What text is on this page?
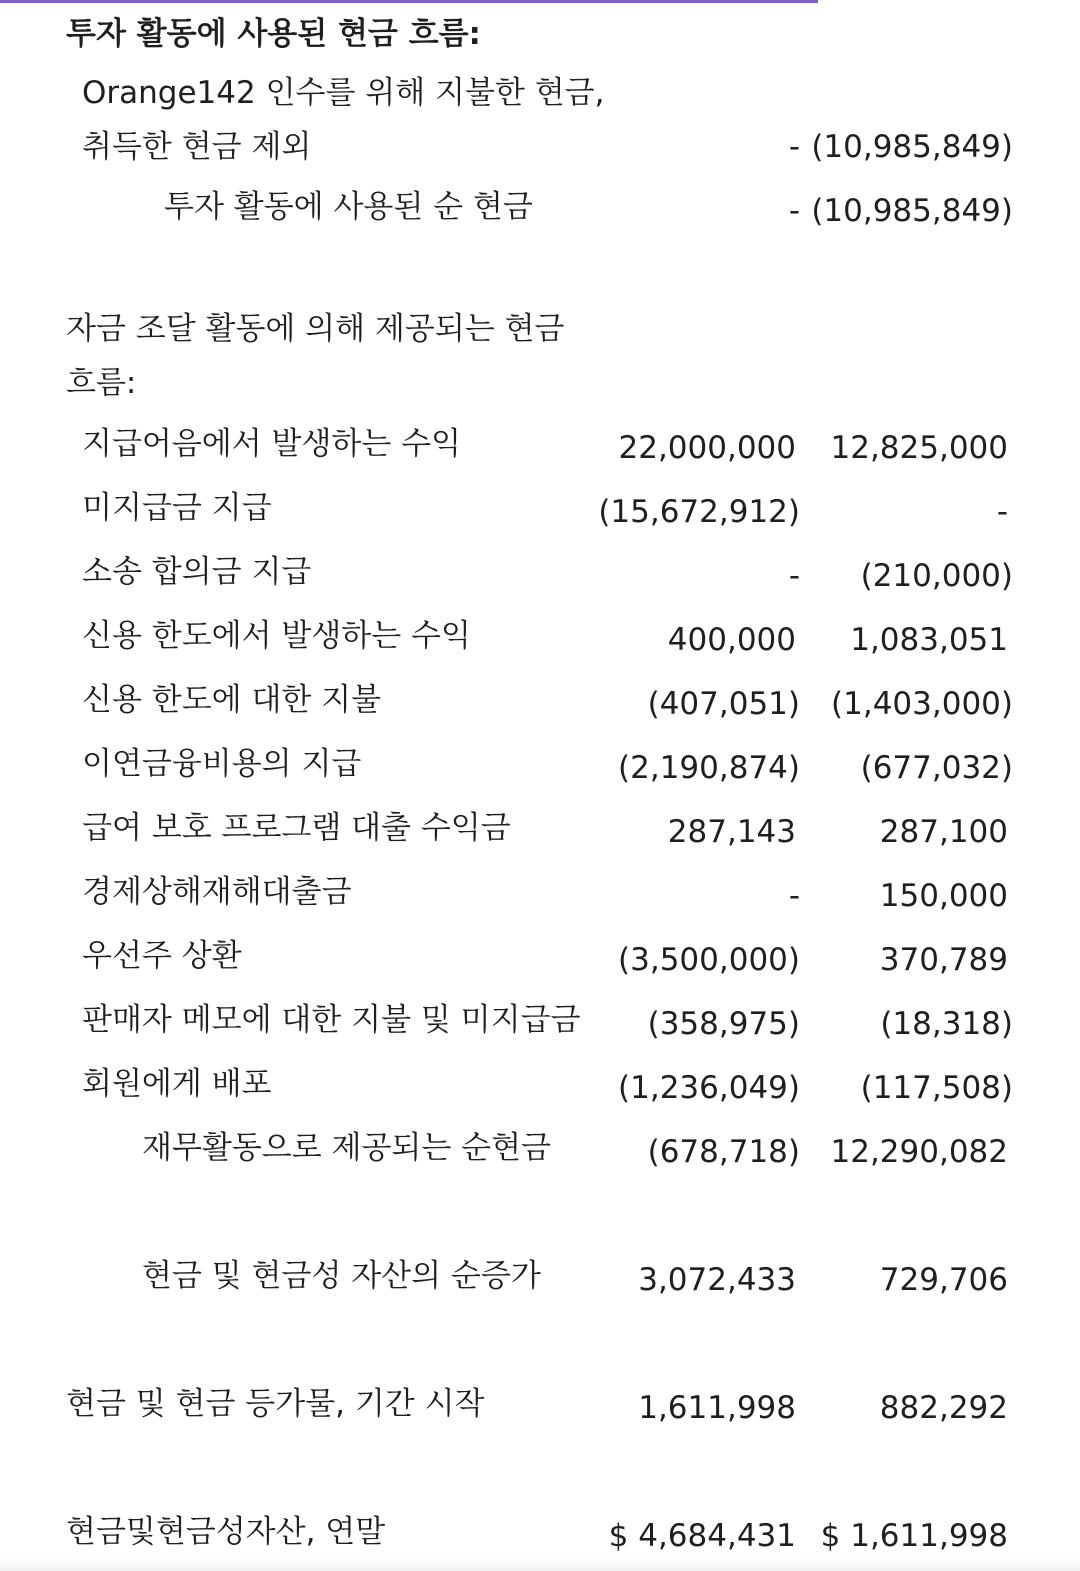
투자 활동에 사용된 현금 흐름:
Orange142 인수를 위해 지불한 현금,
취득한 현금 제외	- (10,985,849)
투자 활동에 사용된 순 현금	- (10,985,849)
자금 조달 활동에 의해 제공되는 현금
흐름:
지급어음에서 발생하는 수익	22,000,000 12,825,000
미지급금 지급	(15,672,912)	-
소송 합의금 지급	- (210,000)
신용 한도에서 발생하는 수익	400,000 1,083,051
신용 한도에 대한 지불	(407,051) (1,403,000)
이연금융비용의 지급	(2,190,874) (677,032)
급여 보호 프로그램 대출 수익금	287,143	287,100
경제상해재해대출금	-	150,000
우선주 상환	(3,500,000)	370,789
판매자 메모에 대한 지불 및 미지급금 (358,975)	(18,318)
회원에게 배포	(1,236,049) (117,508)
재무활동으로 제공되는 순현금	(678,718) 12,290,082
현금 및 현금성 자산의 순증가	3,072,433	729,706
현금 및 현금 등가물, 기간 시작	1,611,998	882,292
현금및현금성자산, 연말	$ 4,684,431 $ 1,611,998
